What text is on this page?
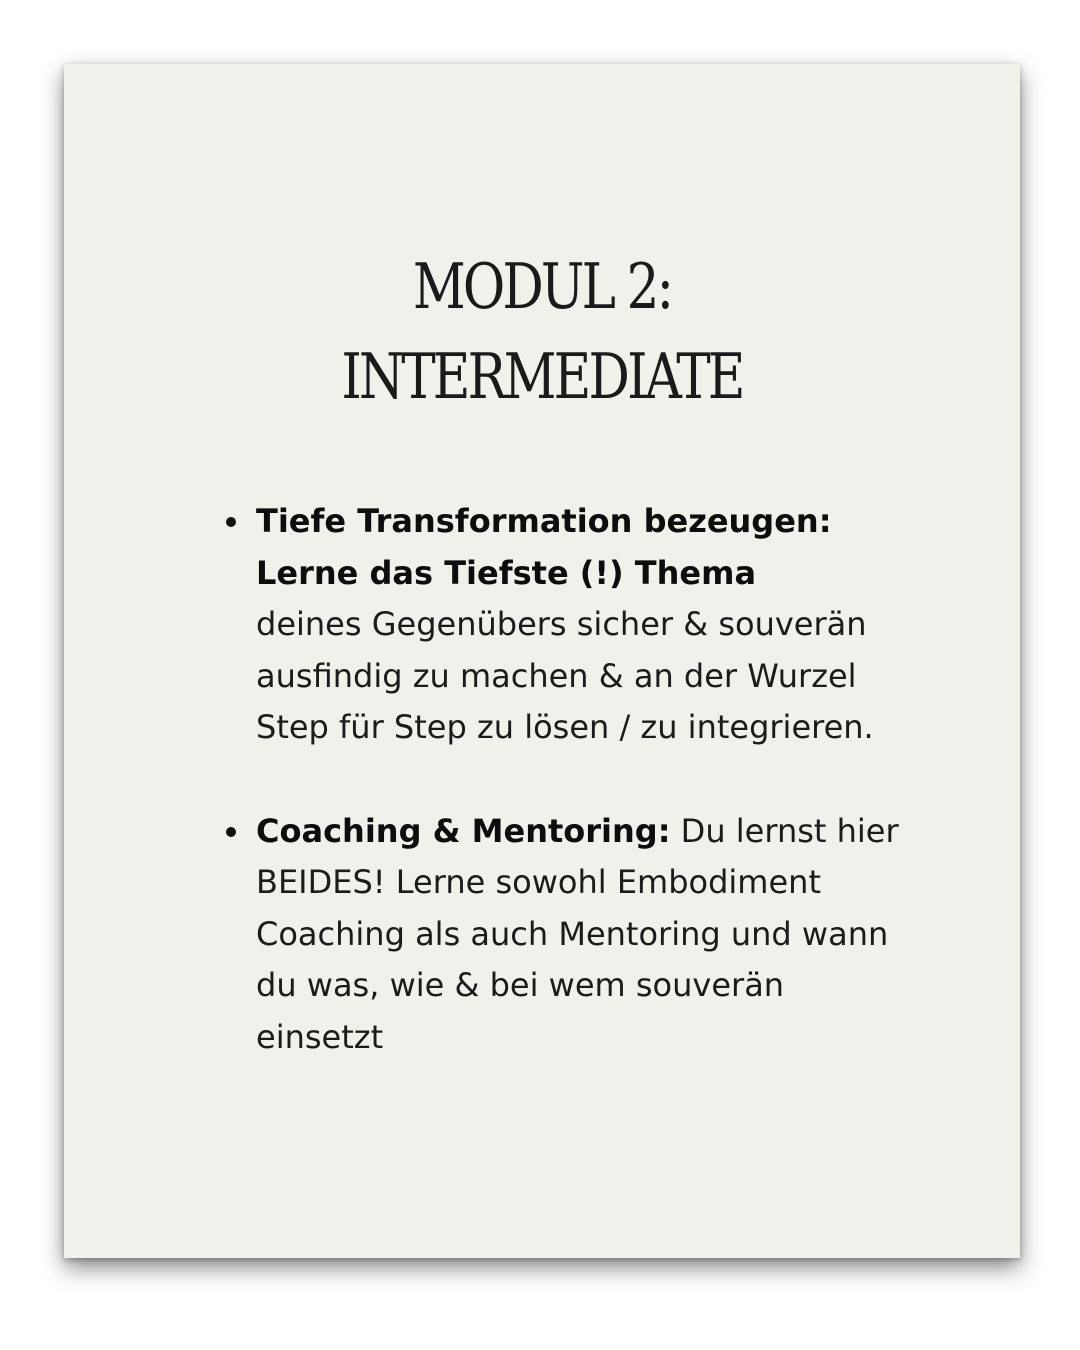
MODUL 2:
INTERMEDIATE
Tiefe Transformation bezeugen: Lerne das Tiefste (!) Thema
deines Gegenübers sicher & souverän ausfindig zu machen & an der Wurzel Step für Step zu lösen / zu integrieren.
Coaching & Mentoring: Du lernst hier BEIDES! Lerne sowohl Embodiment Coaching als auch Mentoring und wann du was, wie & bei wem souverän einsetzt
